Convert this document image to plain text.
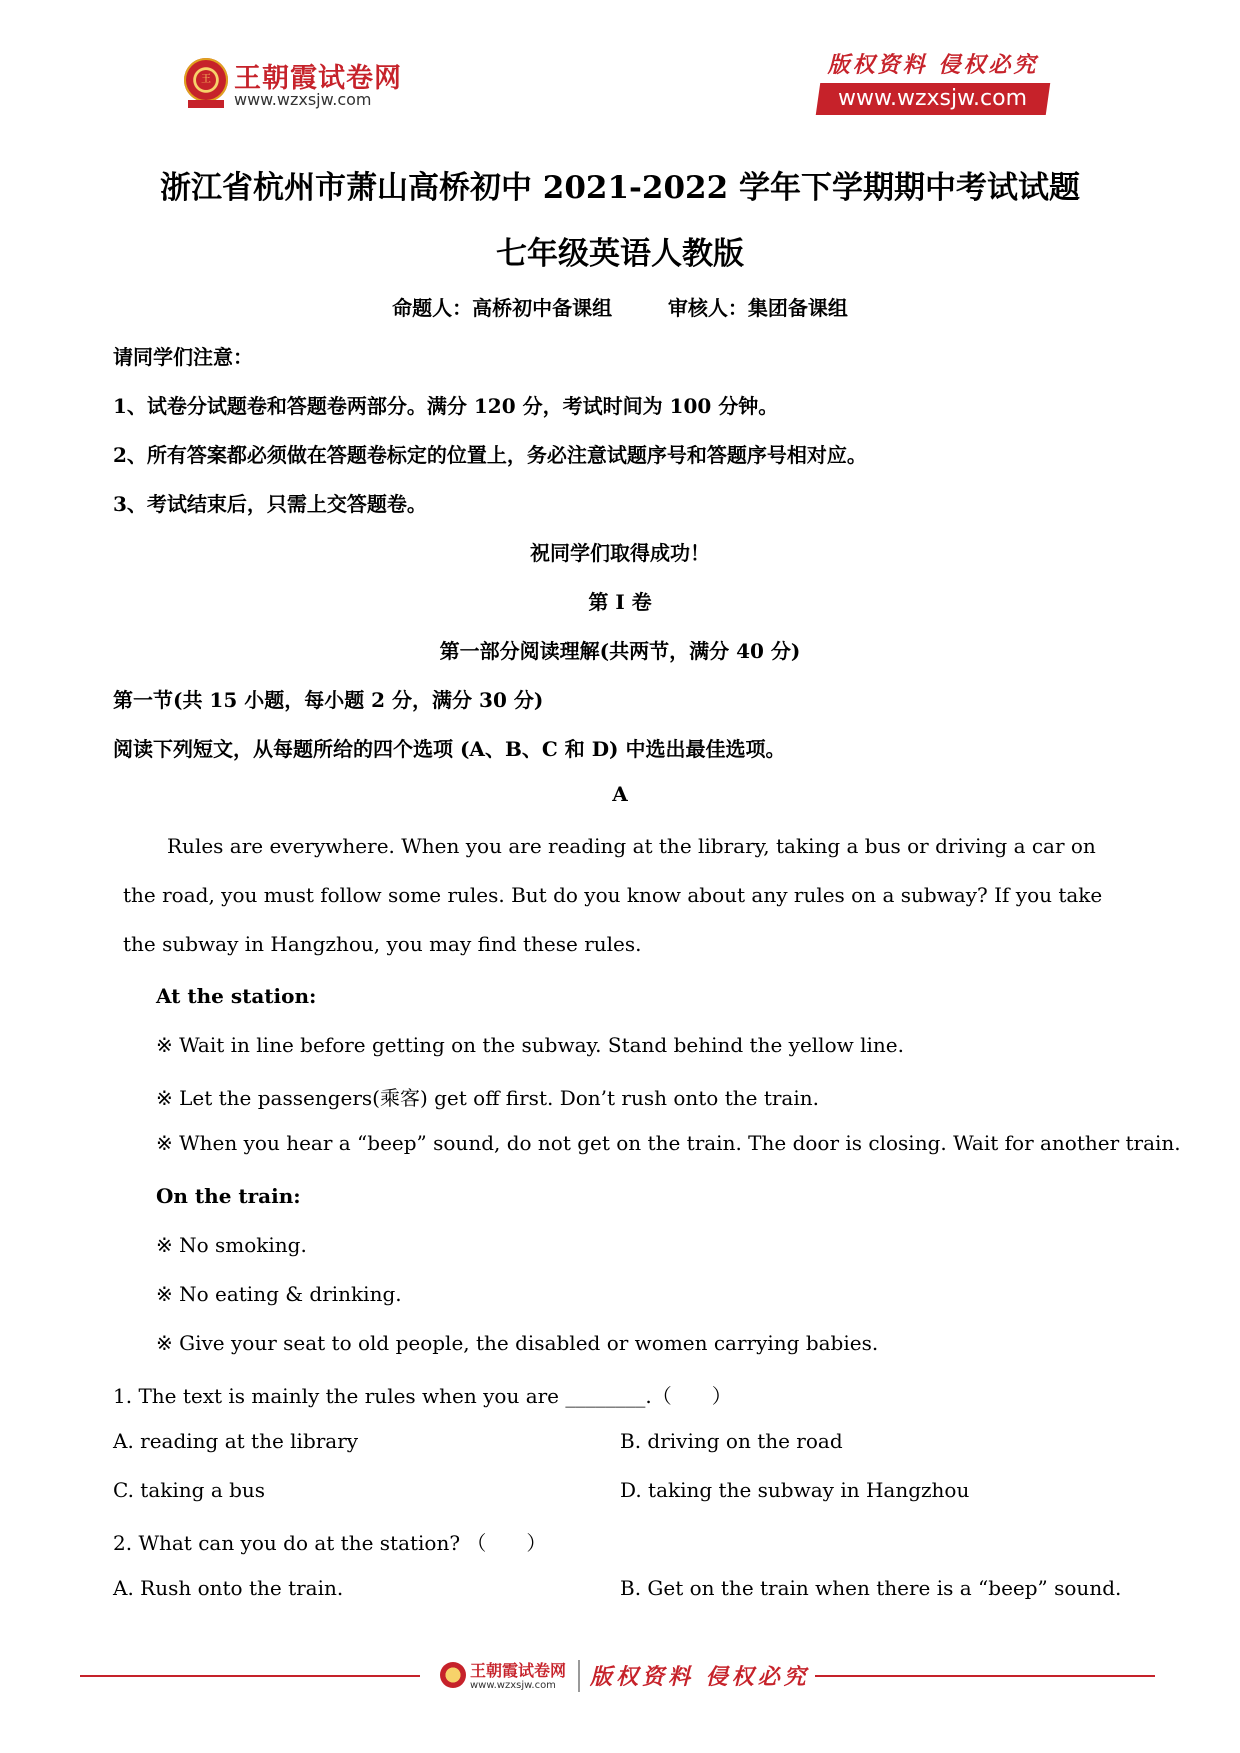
王 王朝霞试卷网
www.wzxsjw.com
版权资料 侵权必究
www.wzxsjw.com
浙江省杭州市萧山高桥初中 2021-2022 学年下学期期中考试试题
七年级英语人教版
命题人：高桥初中备课组        审核人：集团备课组
请同学们注意：
1、试卷分试题卷和答题卷两部分。满分 120 分，考试时间为 100 分钟。
2、所有答案都必须做在答题卷标定的位置上，务必注意试题序号和答题序号相对应。
3、考试结束后，只需上交答题卷。
祝同学们取得成功！
第 I 卷
第一部分阅读理解(共两节，满分 40 分)
第一节(共 15 小题，每小题 2 分，满分 30 分)
阅读下列短文，从每题所给的四个选项 (A、B、C 和 D) 中选出最佳选项。
A

Rules are everywhere. When you are reading at the library, taking a bus or driving a car on the road, you must follow some rules. But do you know about any rules on a subway? If you take the subway in Hangzhou, you may find these rules.

At the station:
※ Wait in line before getting on the subway. Stand behind the yellow line.
※ Let the passengers(乘客) get off first. Don’t rush onto the train.
※ When you hear a “beep” sound, do not get on the train. The door is closing. Wait for another train.
On the train:
※ No smoking.
※ No eating & drinking.
※ Give your seat to old people, the disabled or women carrying babies.
1. The text is mainly the rules when you are ________.（　　）
A. reading at the library	B. driving on the road
C. taking a bus	D. taking the subway in Hangzhou
2. What can you do at the station? （　　）
A. Rush onto the train.	B. Get on the train when there is a “beep” sound.
王朝霞试卷网
www.wzxsjw.com 版权资料 侵权必究
